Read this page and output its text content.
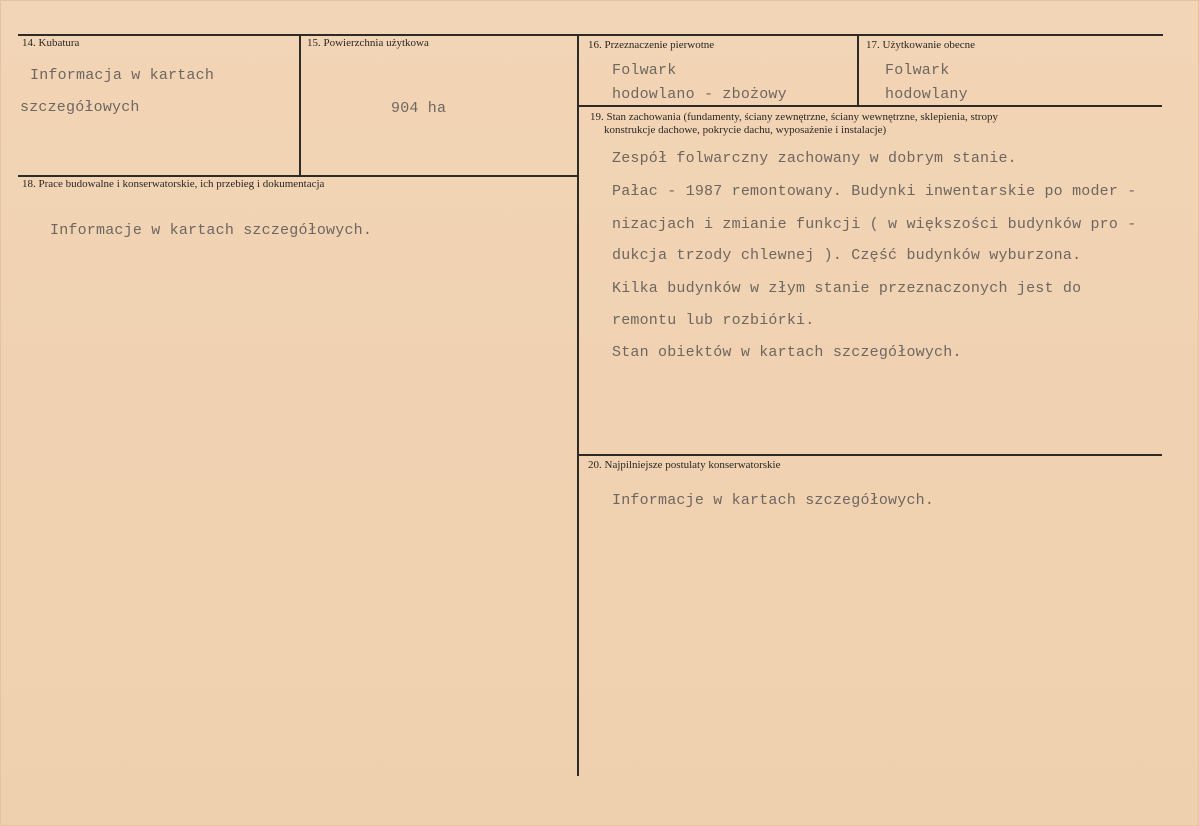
14. Kubatura
Informacja w kartach
szczegółowych
15. Powierzchnia użytkowa
904 ha
16. Przeznaczenie pierwotne
Folwark
hodowlano - zbożowy
17. Użytkowanie obecne
Folwark
hodowlany
18. Prace budowalne i konserwatorskie, ich przebieg i dokumentacja
Informacje w kartach szczegółowych.
19. Stan zachowania (fundamenty, ściany zewnętrzne, ściany wewnętrzne, sklepienia, stropy
konstrukcje dachowe, pokrycie dachu, wyposażenie i instalacje)
Zespół folwarczny zachowany w dobrym stanie.
Pałac - 1987 remontowany. Budynki inwentarskie po moder -
nizacjach i zmianie funkcji ( w większości budynków pro -
dukcja trzody chlewnej ). Część budynków wyburzona.
Kilka budynków w złym stanie przeznaczonych jest do
remontu lub rozbiórki.
Stan obiektów w kartach szczegółowych.
20. Najpilniejsze postulaty konserwatorskie
Informacje w kartach szczegółowych.
